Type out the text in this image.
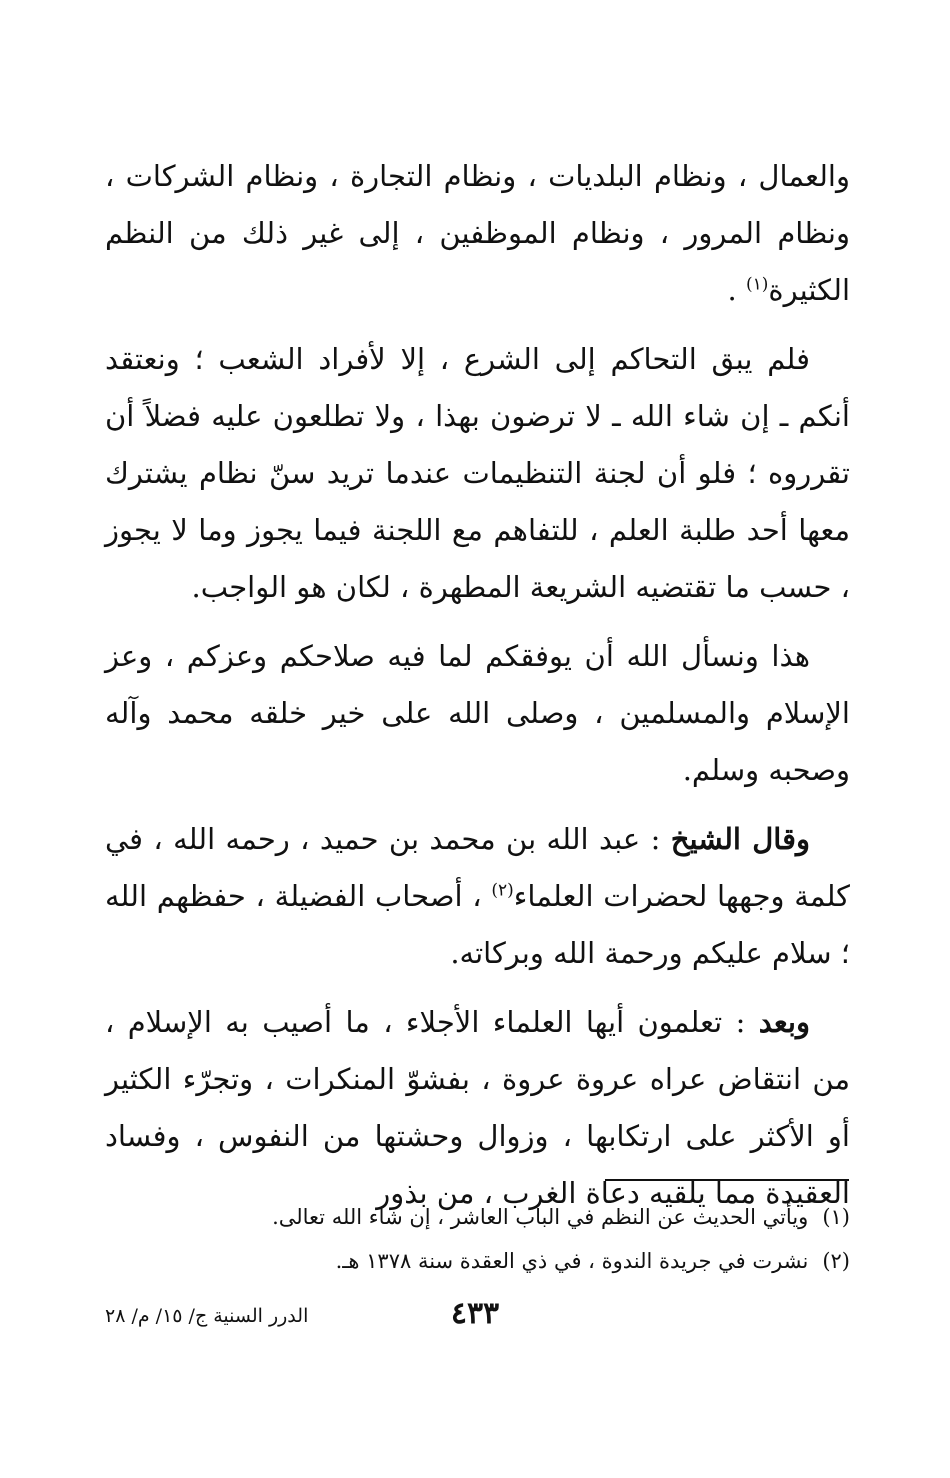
والعمال ، ونظام البلديات ، ونظام التجارة ، ونظام الشركات ، ونظام المرور ، ونظام الموظفين ، إلى غير ذلك من النظم الكثيرة$^{(١)}$ .

فلم يبق التحاكم إلى الشرع ، إلا لأفراد الشعب ؛ ونعتقد أنكم ـ إن شاء الله ـ لا ترضون بهذا ، ولا تطلعون عليه فضلاً أن تقرروه ؛ فلو أن لجنة التنظيمات عندما تريد سنّ نظام يشترك معها أحد طلبة العلم ، للتفاهم مع اللجنة فيما يجوز وما لا يجوز ، حسب ما تقتضيه الشريعة المطهرة ، لكان هو الواجب.

هذا ونسأل الله أن يوفقكم لما فيه صلاحكم وعزكم ، وعز الإسلام والمسلمين ، وصلى الله على خير خلقه محمد وآله وصحبه وسلم.

وقال الشيخ : عبد الله بن محمد بن حميد ، رحمه الله ، في كلمة وجهها لحضرات العلماء$^{(٢)}$ ، أصحاب الفضيلة ، حفظهم الله ؛ سلام عليكم ورحمة الله وبركاته.

وبعد : تعلمون أيها العلماء الأجلاء ، ما أصيب به الإسلام ، من انتقاض عراه عروة عروة ، بفشوّ المنكرات ، وتجرّء الكثير أو الأكثر على ارتكابها ، وزوال وحشتها من النفوس ، وفساد العقيدة مما يلقيه دعاة الغرب ، من بذور

(١)ويأتي الحديث عن النظم في الباب العاشر ، إن شاء الله تعالى.

(٢)نشرت في جريدة الندوة ، في ذي العقدة سنة ١٣٧٨ هـ.

٤٣٣
الدرر السنية ج/ ١٥/ م/ ٢٨
